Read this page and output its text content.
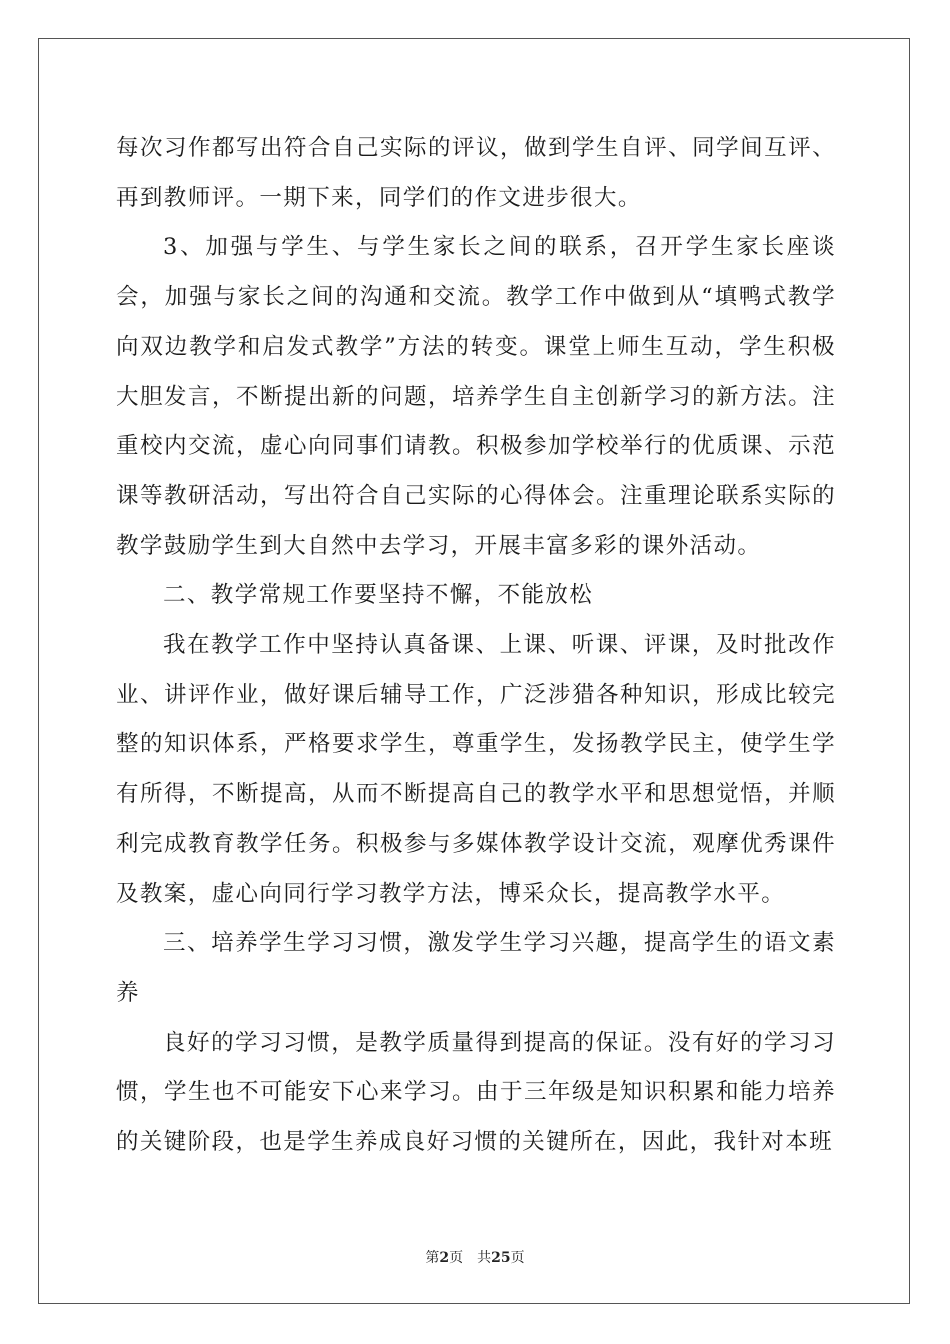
每次习作都写出符合自己实际的评议，做到学生自评、同学间互评、再到教师评。一期下来，同学们的作文进步很大。

3、加强与学生、与学生家长之间的联系，召开学生家长座谈会，加强与家长之间的沟通和交流。教学工作中做到从“填鸭式教学向双边教学和启发式教学”方法的转变。课堂上师生互动，学生积极大胆发言，不断提出新的问题，培养学生自主创新学习的新方法。注重校内交流，虚心向同事们请教。积极参加学校举行的优质课、示范课等教研活动，写出符合自己实际的心得体会。注重理论联系实际的教学鼓励学生到大自然中去学习，开展丰富多彩的课外活动。

二、教学常规工作要坚持不懈，不能放松

我在教学工作中坚持认真备课、上课、听课、评课，及时批改作业、讲评作业，做好课后辅导工作，广泛涉猎各种知识，形成比较完整的知识体系，严格要求学生，尊重学生，发扬教学民主，使学生学有所得，不断提高，从而不断提高自己的教学水平和思想觉悟，并顺利完成教育教学任务。积极参与多媒体教学设计交流，观摩优秀课件及教案，虚心向同行学习教学方法，博采众长，提高教学水平。

三、培养学生学习习惯，激发学生学习兴趣，提高学生的语文素养

良好的学习习惯，是教学质量得到提高的保证。没有好的学习习惯，学生也不可能安下心来学习。由于三年级是知识积累和能力培养的关键阶段，也是学生养成良好习惯的关键所在，因此，我针对本班

第2页 共25页
